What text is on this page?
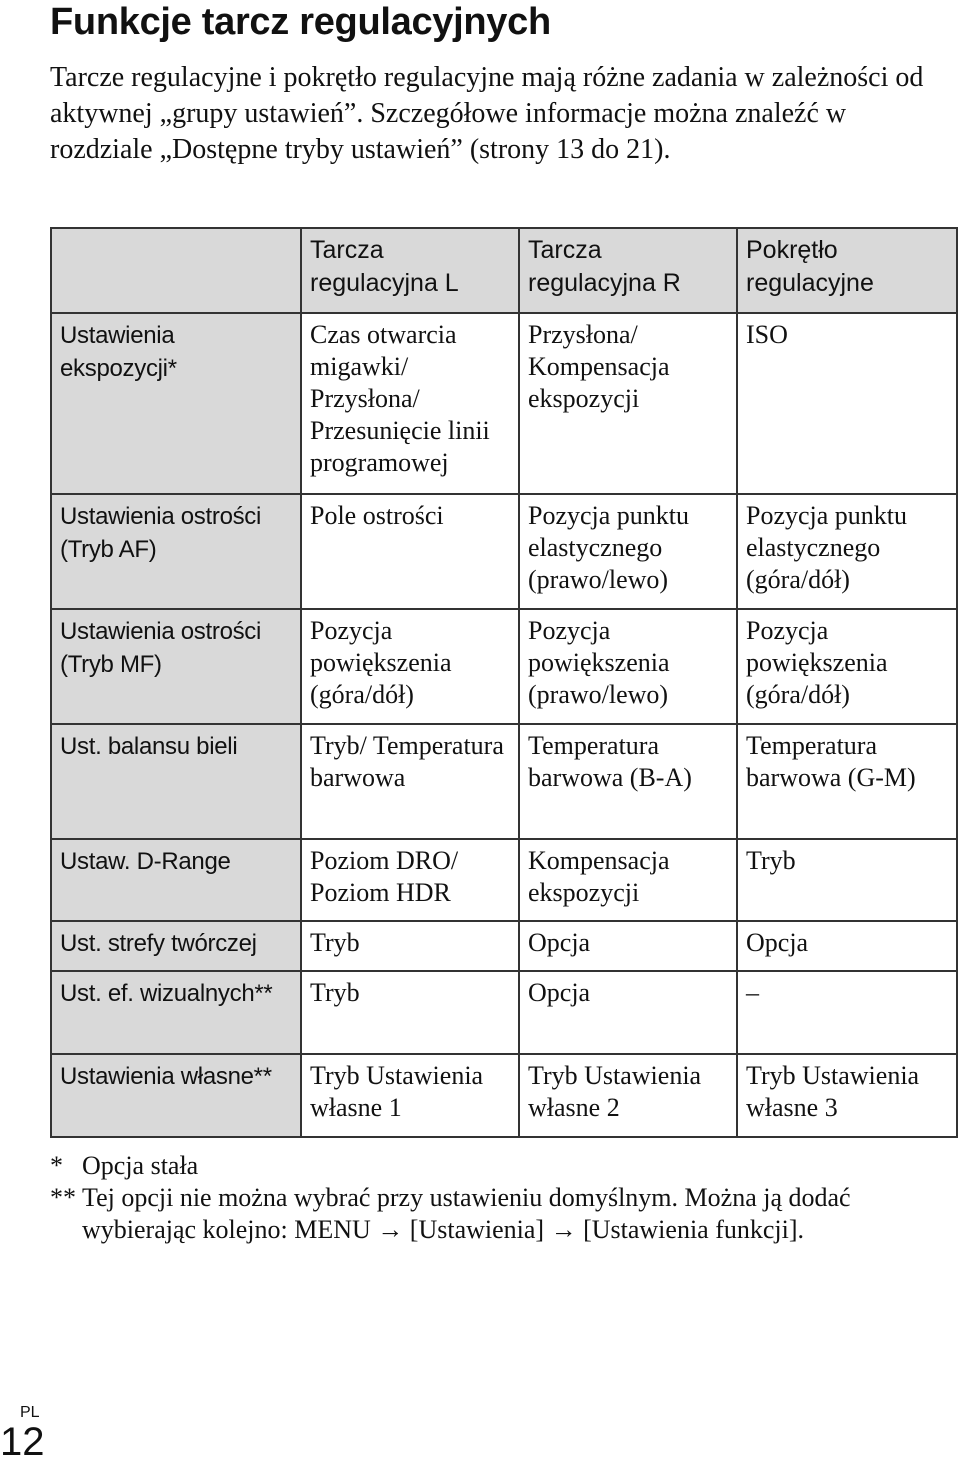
Funkcje tarcz regulacyjnych

Tarcze regulacyjne i pokrętło regulacyjne mają różne zadania w zależności od aktywnej „grupy ustawień”. Szczegółowe informacje można znaleźć w rozdziale „Dostępne tryby ustawień” (strony 13 do 21).

	Tarcza regulacyjna L	Tarcza regulacyjna R	Pokrętło regulacyjne
Ustawienia ekspozycji*	Czas otwarcia migawki/ Przysłona/ Przesunięcie linii programowej	Przysłona/ Kompensacja ekspozycji	ISO
Ustawienia ostrości (Tryb AF)	Pole ostrości	Pozycja punktu elastycznego (prawo/lewo)	Pozycja punktu elastycznego (góra/dół)
Ustawienia ostrości (Tryb MF)	Pozycja powiększenia (góra/dół)	Pozycja powiększenia (prawo/lewo)	Pozycja powiększenia (góra/dół)
Ust. balansu bieli	Tryb/ Temperatura barwowa	Temperatura barwowa (B-A)	Temperatura barwowa (G-M)
Ustaw. D-Range	Poziom DRO/ Poziom HDR	Kompensacja ekspozycji	Tryb
Ust. strefy twórczej	Tryb	Opcja	Opcja
Ust. ef. wizualnych**	Tryb	Opcja	–
Ustawienia własne**	Tryb Ustawienia własne 1	Tryb Ustawienia własne 2	Tryb Ustawienia własne 3
* Opcja stała
** Tej opcji nie można wybrać przy ustawieniu domyślnym. Można ją dodać wybierając kolejno: MENU → [Ustawienia] → [Ustawienia funkcji].
PL
12
